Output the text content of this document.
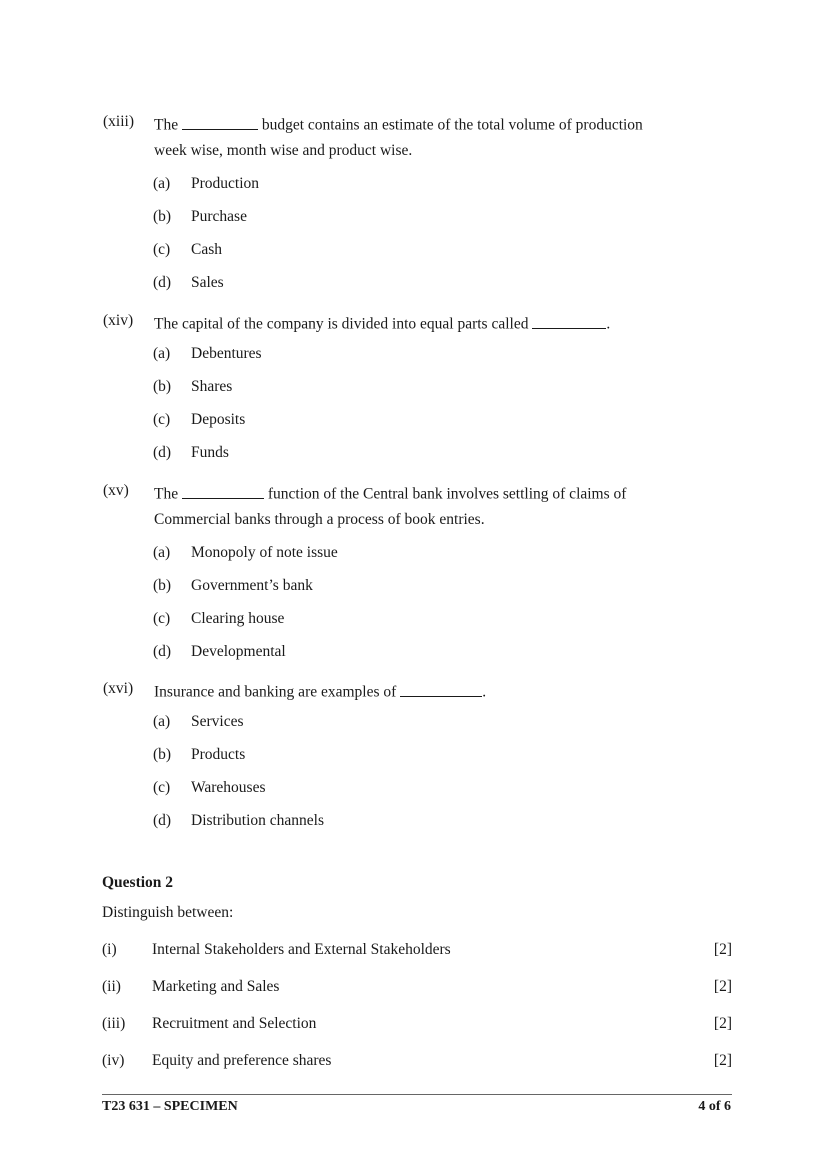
(xiii) The	budget contains an estimate of the total volume of production
week wise, month wise and product wise.
(a) Production
(b) Purchase
(c) Cash
(d) Sales
(xiv) The capital of the company is divided into equal parts called	.
(a) Debentures
(b) Shares
(c) Deposits
(d) Funds
(xv) The	function of the Central bank involves settling of claims of
Commercial banks through a process of book entries.
(a) Monopoly of note issue
(b) Government’s bank
(c) Clearing house
(d) Developmental
(xvi) Insurance and banking are examples of	.
(a) Services
(b) Products
(c) Warehouses
(d) Distribution channels
Question 2
Distinguish between:
(i) Internal Stakeholders and External Stakeholders	[2]
(ii) Marketing and Sales	[2]
(iii) Recruitment and Selection	[2]
(iv) Equity and preference shares	[2]
T23 631 – SPECIMEN	4 of 6
